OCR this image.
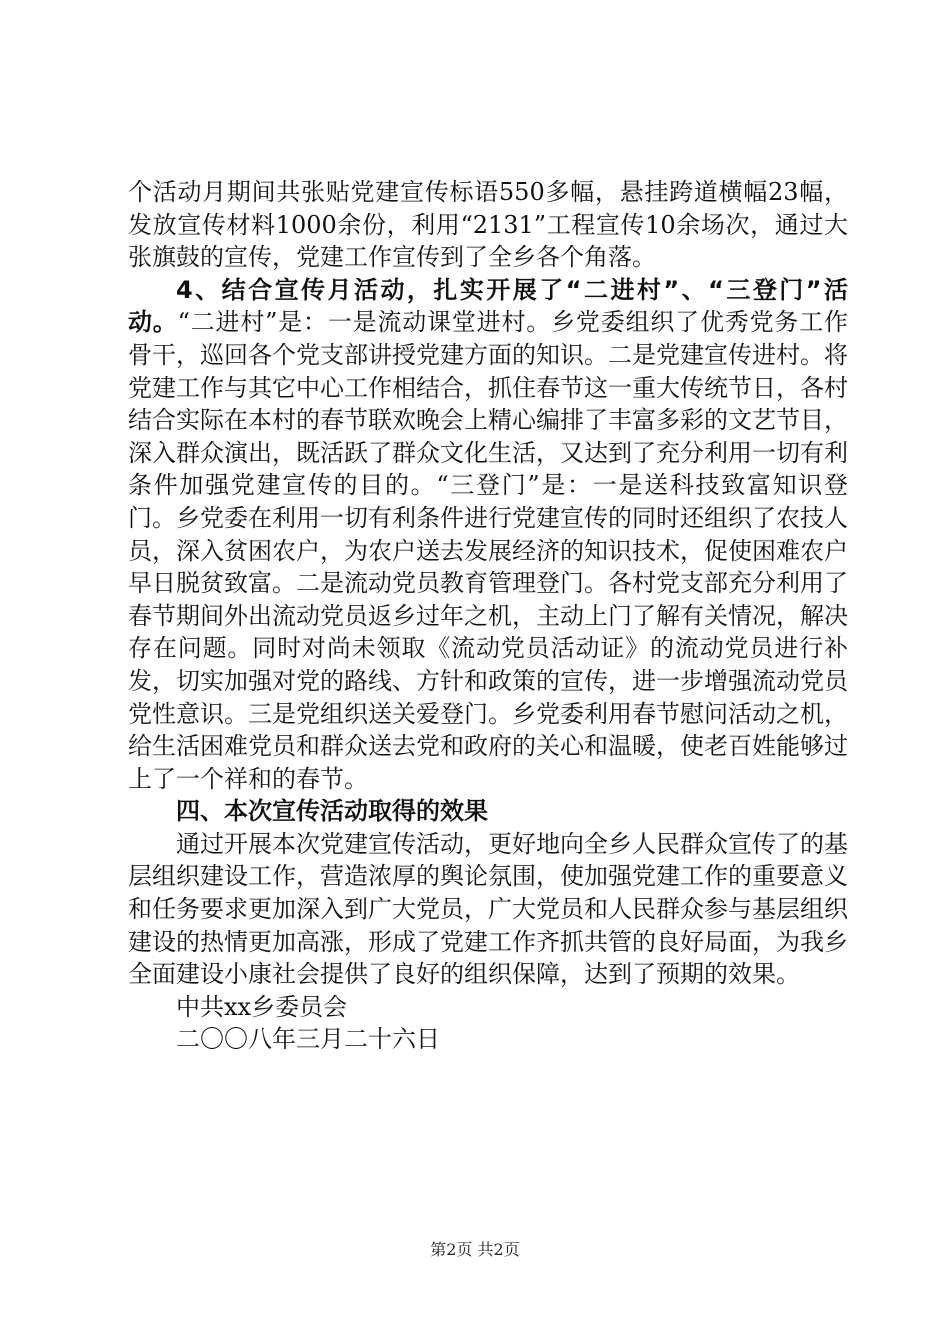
个活动月期间共张贴党建宣传标语550多幅，悬挂跨道横幅23幅，发放宣传材料1000余份，利用“2131”工程宣传10余场次，通过大张旗鼓的宣传，党建工作宣传到了全乡各个角落。

4、结合宣传月活动，扎实开展了“二进村”、“三登门”活动。“二进村”是：一是流动课堂进村。乡党委组织了优秀党务工作骨干，巡回各个党支部讲授党建方面的知识。二是党建宣传进村。将党建工作与其它中心工作相结合，抓住春节这一重大传统节日，各村结合实际在本村的春节联欢晚会上精心编排了丰富多彩的文艺节目，深入群众演出，既活跃了群众文化生活，又达到了充分利用一切有利条件加强党建宣传的目的。“三登门”是：一是送科技致富知识登门。乡党委在利用一切有利条件进行党建宣传的同时还组织了农技人员，深入贫困农户，为农户送去发展经济的知识技术，促使困难农户早日脱贫致富。二是流动党员教育管理登门。各村党支部充分利用了春节期间外出流动党员返乡过年之机，主动上门了解有关情况，解决存在问题。同时对尚未领取《流动党员活动证》的流动党员进行补发，切实加强对党的路线、方针和政策的宣传，进一步增强流动党员党性意识。三是党组织送关爱登门。乡党委利用春节慰问活动之机，给生活困难党员和群众送去党和政府的关心和温暖，使老百姓能够过上了一个祥和的春节。

四、本次宣传活动取得的效果

通过开展本次党建宣传活动，更好地向全乡人民群众宣传了的基层组织建设工作，营造浓厚的舆论氛围，使加强党建工作的重要意义和任务要求更加深入到广大党员，广大党员和人民群众参与基层组织建设的热情更加高涨，形成了党建工作齐抓共管的良好局面，为我乡全面建设小康社会提供了良好的组织保障，达到了预期的效果。

中共xx乡委员会

二〇〇八年三月二十六日

第2页 共2页
